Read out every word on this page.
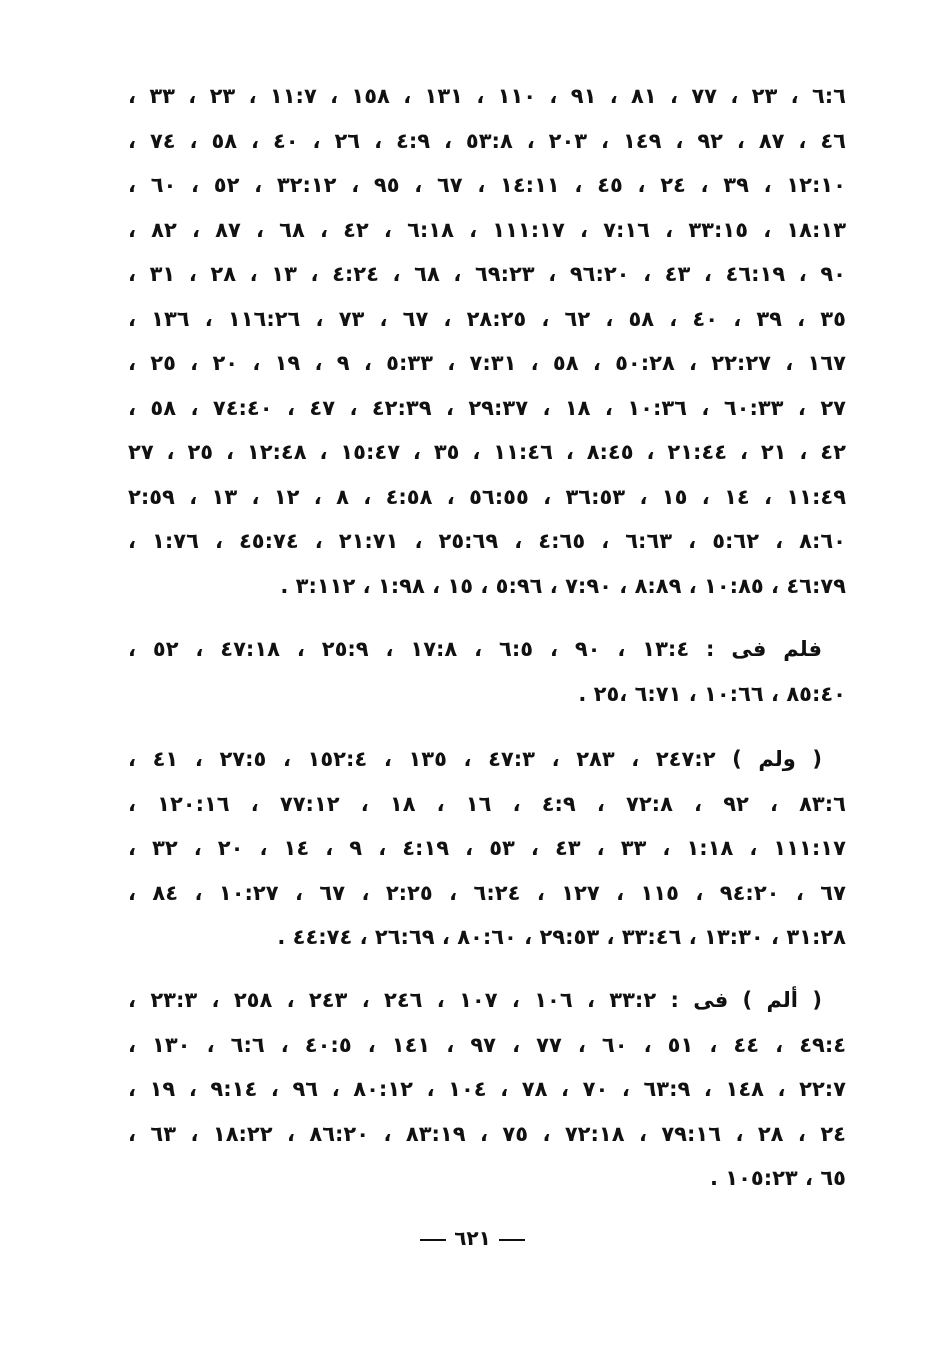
٦:٦ ، ٢٣ ، ٧٧ ، ٨١ ، ٩١ ، ١١٠ ، ١٣١ ، ١٥٨ ، ١١:٧ ، ٢٣ ، ٣٣ ،
٤٦ ، ٨٧ ، ٩٢ ، ١٤٩ ، ٢٠٣ ، ٥٣:٨ ، ٤:٩ ، ٢٦ ، ٤٠ ، ٥٨ ، ٧٤ ،
١٢:١٠ ، ٣٩ ، ٢٤ ، ٤٥ ، ١٤:١١ ، ٦٧ ، ٩٥ ، ٣٢:١٢ ، ٥٢ ، ٦٠ ،
١٨:١٣ ، ٣٣:١٥ ، ٧:١٦ ، ١١١:١٧ ، ٦:١٨ ، ٤٢ ، ٦٨ ، ٨٧ ، ٨٢ ،
٩٠ ، ٤٦:١٩ ، ٤٣ ، ٩٦:٢٠ ، ٦٩:٢٣ ، ٦٨ ، ٤:٢٤ ، ١٣ ، ٢٨ ، ٣١ ،
٣٥ ، ٣٩ ، ٤٠ ، ٥٨ ، ٦٢ ، ٢٨:٢٥ ، ٦٧ ، ٧٣ ، ١١٦:٢٦ ، ١٣٦ ،
١٦٧ ، ٢٢:٢٧ ، ٥٠:٢٨ ، ٥٨ ، ٧:٣١ ، ٥:٣٣ ، ٩ ، ١٩ ، ٢٠ ، ٢٥ ،
٢٧ ، ٦٠:٣٣ ، ١٠:٣٦ ، ١٨ ، ٢٩:٣٧ ، ٤٢:٣٩ ، ٤٧ ، ٧٤:٤٠ ، ٥٨ ،
٤٢ ، ٢١ ، ٢١:٤٤ ، ٨:٤٥ ، ١١:٤٦ ، ٣٥ ، ١٥:٤٧ ، ١٢:٤٨ ، ٢٥ ، ٢٧
١١:٤٩ ، ١٤ ، ١٥ ، ٣٦:٥٣ ، ٥٦:٥٥ ، ٤:٥٨ ، ٨ ، ١٢ ، ١٣ ، ٢:٥٩
٨:٦٠ ، ٥:٦٢ ، ٦:٦٣ ، ٤:٦٥ ، ٢٥:٦٩ ، ٢١:٧١ ، ٤٥:٧٤ ، ١:٧٦ ،
٤٦:٧٩ ، ١٠:٨٥ ، ٨:٨٩ ، ٧:٩٠ ، ٥:٩٦ ، ١٥ ، ١:٩٨ ، ٣:١١٢ .
فلم فى : ١٣:٤ ، ٩٠ ، ٦:٥ ، ١٧:٨ ، ٢٥:٩ ، ٤٧:١٨ ، ٥٢ ،
٨٥:٤٠ ، ١٠:٦٦ ، ٦:٧١ ،٢٥ .
( ولم ) ٢٤٧:٢ ، ٢٨٣ ، ٤٧:٣ ، ١٣٥ ، ١٥٢:٤ ، ٢٧:٥ ، ٤١ ،
٨٣:٦ ، ٩٢ ، ٧٢:٨ ، ٤:٩ ، ١٦ ، ١٨ ، ٧٧:١٢ ، ١٢٠:١٦ ،
١١١:١٧ ، ١:١٨ ، ٣٣ ، ٤٣ ، ٥٣ ، ٤:١٩ ، ٩ ، ١٤ ، ٢٠ ، ٣٢ ،
٦٧ ، ٩٤:٢٠ ، ١١٥ ، ١٢٧ ، ٦:٢٤ ، ٢:٢٥ ، ٦٧ ، ١٠:٢٧ ، ٨٤ ،
٣١:٢٨ ، ١٣:٣٠ ، ٣٣:٤٦ ، ٢٩:٥٣ ، ٨٠:٦٠ ، ٢٦:٦٩ ، ٤٤:٧٤ .
( ألم ) فى : ٣٣:٢ ، ١٠٦ ، ١٠٧ ، ٢٤٦ ، ٢٤٣ ، ٢٥٨ ، ٢٣:٣ ،
٤٩:٤ ، ٤٤ ، ٥١ ، ٦٠ ، ٧٧ ، ٩٧ ، ١٤١ ، ٤٠:٥ ، ٦:٦ ، ١٣٠ ،
٢٢:٧ ، ١٤٨ ، ٦٣:٩ ، ٧٠ ، ٧٨ ، ١٠٤ ، ٨٠:١٢ ، ٩٦ ، ٩:١٤ ، ١٩ ،
٢٤ ، ٢٨ ، ٧٩:١٦ ، ٧٢:١٨ ، ٧٥ ، ٨٣:١٩ ، ٨٦:٢٠ ، ١٨:٢٢ ، ٦٣ ،
٦٥ ، ١٠٥:٢٣ .
٦٢١
